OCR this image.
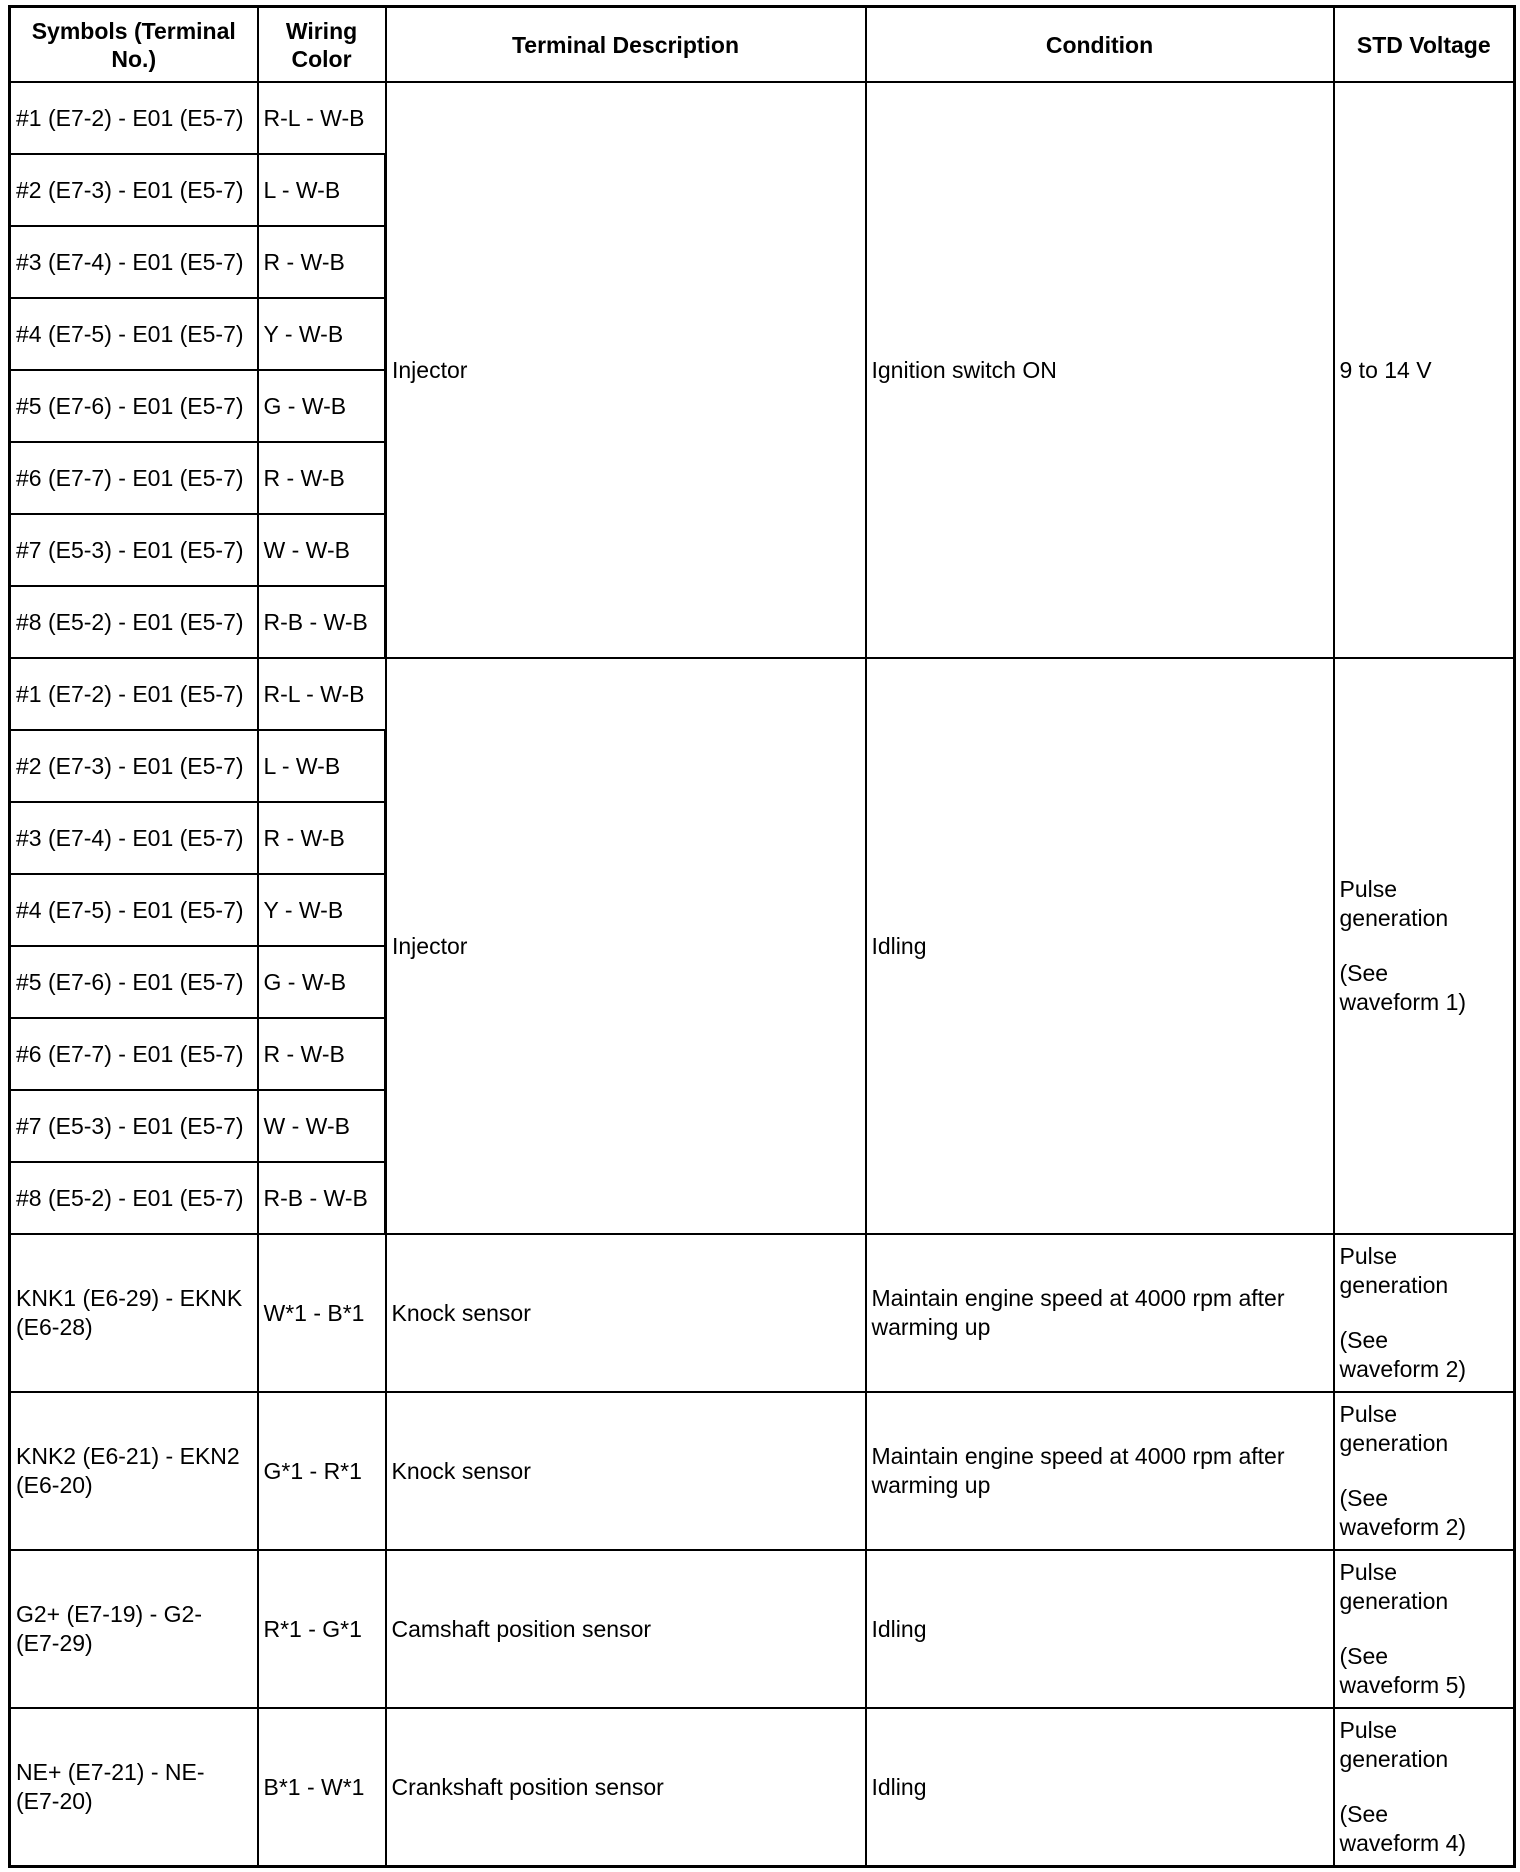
Symbols (Terminal No.)	Wiring Color	Terminal Description	Condition	STD Voltage
#1 (E7-2) - E01 (E5-7)	R-L - W-B	Injector	Ignition switch ON	9 to 14 V
#2 (E7-3) - E01 (E5-7)	L - W-B			
#3 (E7-4) - E01 (E5-7)	R - W-B			
#4 (E7-5) - E01 (E5-7)	Y - W-B			
#5 (E7-6) - E01 (E5-7)	G - W-B			
#6 (E7-7) - E01 (E5-7)	R - W-B			
#7 (E5-3) - E01 (E5-7)	W - W-B			
#8 (E5-2) - E01 (E5-7)	R-B - W-B			
#1 (E7-2) - E01 (E5-7)	R-L - W-B	Injector	Idling	Pulse
generation
(See
waveform 1)

#2 (E7-3) - E01 (E5-7)	L - W-B			
#3 (E7-4) - E01 (E5-7)	R - W-B			
#4 (E7-5) - E01 (E5-7)	Y - W-B			
#5 (E7-6) - E01 (E5-7)	G - W-B			
#6 (E7-7) - E01 (E5-7)	R - W-B			
#7 (E5-3) - E01 (E5-7)	W - W-B			
#8 (E5-2) - E01 (E5-7)	R-B - W-B			
KNK1 (E6-29) - EKNK (E6-28)	W*1 - B*1	Knock sensor	Maintain engine speed at 4000 rpm after warming up	Pulse
generation
(See
waveform 2)

KNK2 (E6-21) - EKN2 (E6-20)	G*1 - R*1	Knock sensor	Maintain engine speed at 4000 rpm after warming up	Pulse
generation
(See
waveform 2)

G2+ (E7-19) - G2- (E7-29)	R*1 - G*1	Camshaft position sensor	Idling	Pulse
generation
(See
waveform 5)

NE+ (E7-21) - NE- (E7-20)	B*1 - W*1	Crankshaft position sensor	Idling	Pulse
generation
(See
waveform 4)
